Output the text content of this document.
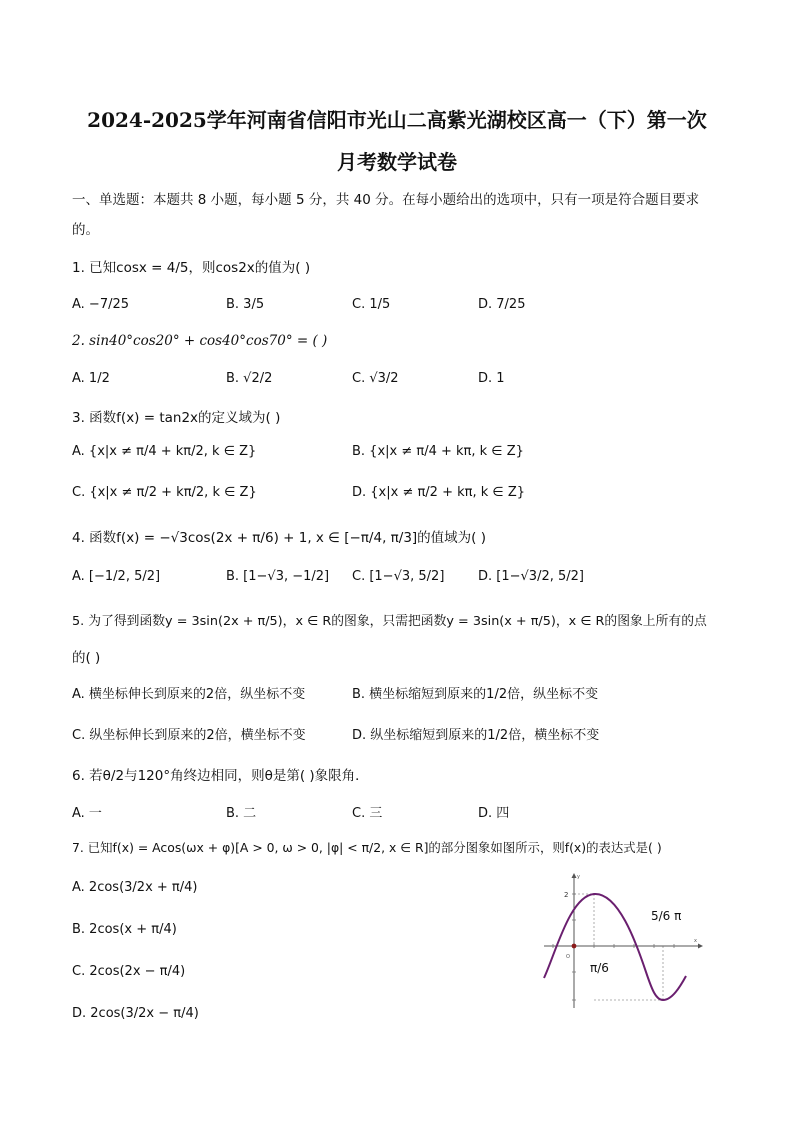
2024-2025学年河南省信阳市光山二高紫光湖校区高一（下）第一次
月考数学试卷
一、单选题：本题共 8 小题，每小题 5 分，共 40 分。在每小题给出的选项中，只有一项是符合题目要求
的。
1. 已知cosx = 4/5，则cos2x的值为( )
A. −7/25	B. 3/5	C. 1/5	D. 7/25
2. sin40°cos20° + cos40°cos70° = ( )
A. 1/2	B. √2/2	C. √3/2	D. 1
3. 函数f(x) = tan2x的定义域为( )
A. {x|x ≠ π/4 + kπ/2, k ∈ Z}	B. {x|x ≠ π/4 + kπ, k ∈ Z}
C. {x|x ≠ π/2 + kπ/2, k ∈ Z}	D. {x|x ≠ π/2 + kπ, k ∈ Z}
4. 函数f(x) = −√3cos(2x + π/6) + 1, x ∈ [−π/4, π/3]的值域为( )
A. [−1/2, 5/2]	B. [1−√3, −1/2] C. [1−√3, 5/2]	D. [1−√3/2, 5/2]
5. 为了得到函数y = 3sin(2x + π/5)，x ∈ R的图象，只需把函数y = 3sin(x + π/5)，x ∈ R的图象上所有的点
的( )
A. 横坐标伸长到原来的2倍，纵坐标不变	B. 横坐标缩短到原来的1/2倍，纵坐标不变
C. 纵坐标伸长到原来的2倍，横坐标不变	D. 纵坐标缩短到原来的1/2倍，横坐标不变
6. 若θ/2与120°角终边相同，则θ是第( )象限角．
A. 一	B. 二	C. 三	D. 四
7. 已知f(x) = Acos(ωx + φ)[A > 0, ω > 0, |φ| < π/2, x ∈ R]的部分图象如图所示，则f(x)的表达式是( )
A. 2cos(3/2x + π/4)
B. 2cos(x + π/4)
C. 2cos(2x − π/4)
D. 2cos(3/2x − π/4)
2
O
x
y
5/6 π
π/6
